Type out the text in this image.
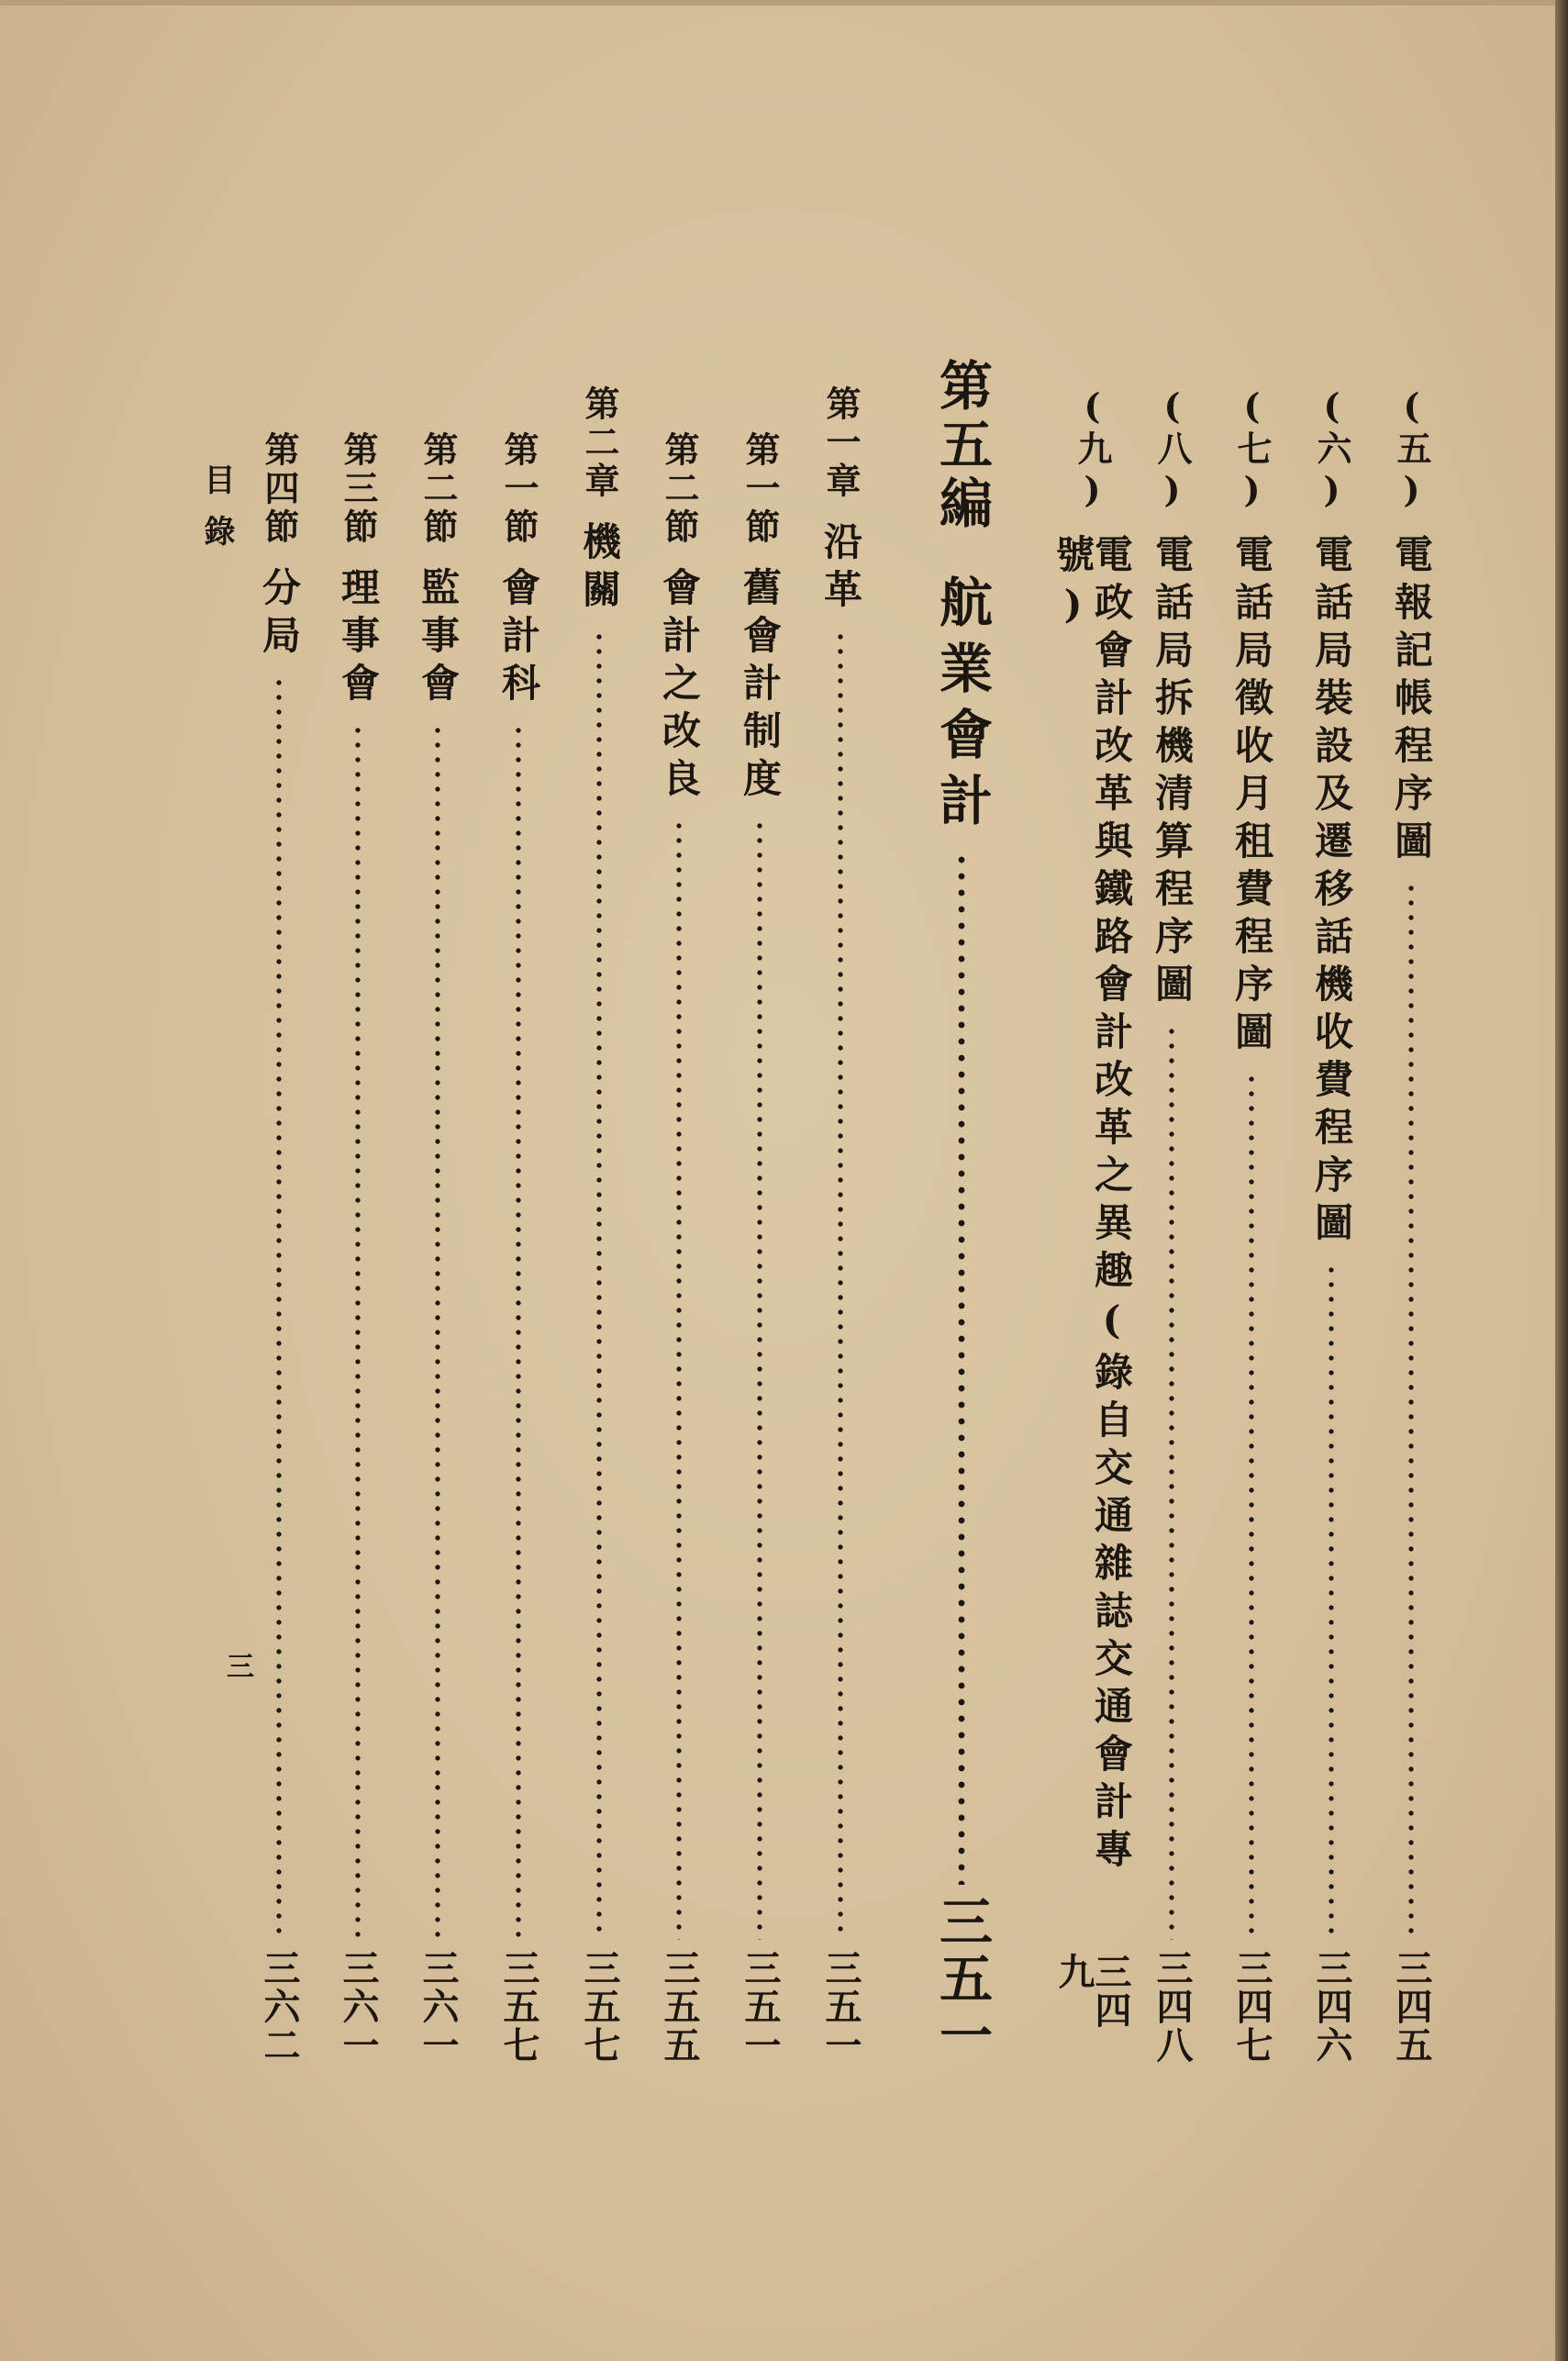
(五)
電報記帳程序圖
三四五
(六)
電話局裝設及遷移話機收費程序圖
三四六
(七)
電話局徵收月租費程序圖
三四七
(八)
電話局拆機清算程序圖
三四八
(九)
電政會計改革與鐵路會計改革之異趣(錄自交通雜誌交通會計專號)
三四九
第五編
航業會計
三五一
第一章
沿革
三五一
第一節
舊會計制度
三五一
第二節
會計之改良
三五五
第二章
機關
三五七
第一節
會計科
三五七
第二節
監事會
三六一
第三節
理事會
三六一
第四節
分局
三六二
目錄
三
